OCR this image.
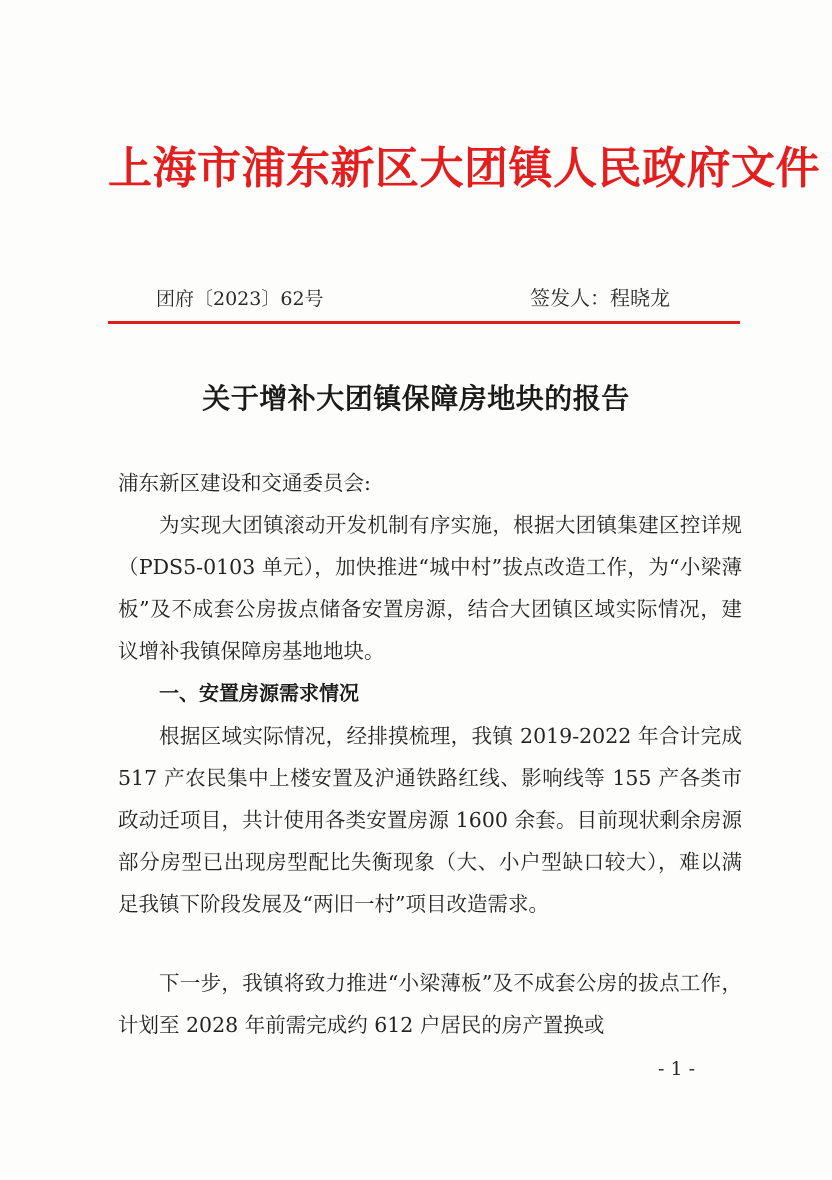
上海市浦东新区大团镇人民政府文件
团府〔2023〕62号	签发人：程晓龙
关于增补大团镇保障房地块的报告
浦东新区建设和交通委员会:
为实现大团镇滚动开发机制有序实施，根据大团镇集建区控详规（PDS5-0103 单元），加快推进“城中村”拔点改造工作，为“小梁薄板”及不成套公房拔点储备安置房源，结合大团镇区域实际情况，建议增补我镇保障房基地地块。
一、安置房源需求情况
根据区域实际情况，经排摸梳理，我镇 2019-2022 年合计完成 517 产农民集中上楼安置及沪通铁路红线、影响线等 155 产各类市政动迁项目，共计使用各类安置房源 1600 余套。目前现状剩余房源部分房型已出现房型配比失衡现象（大、小户型缺口较大），难以满足我镇下阶段发展及“两旧一村”项目改造需求。
下一步，我镇将致力推进“小梁薄板”及不成套公房的拔点工作，计划至 2028 年前需完成约 612 户居民的房产置换或
- 1 -
